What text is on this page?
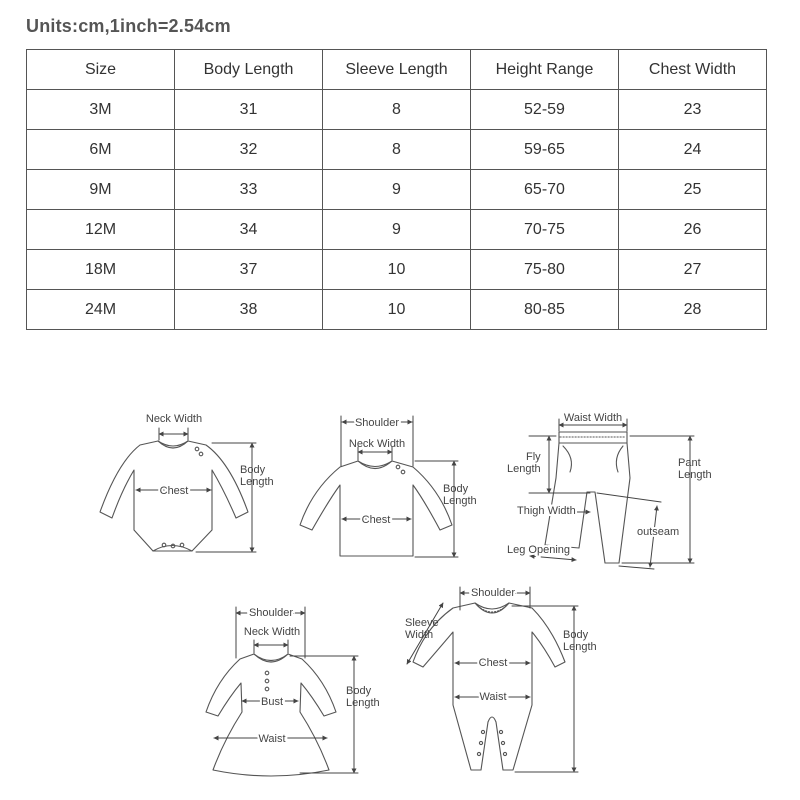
Units:cm,1inch=2.54cm
Size	Body Length	Sleeve Length	Height Range	Chest Width
3M	31	8	52-59	23
6M	32	8	59-65	24
9M	33	9	65-70	25
12M	34	9	70-75	26
18M	37	10	75-80	27
24M	38	10	80-85	28
Neck Width
Chest
Body
Length
Shoulder
Neck Width
Chest
Body
Length
Waist Width
Fly
Length	Pant
Length
Thigh Width
outseam
Leg Opening
Shoulder
Neck Width
Bust
Waist
Body
Length
Shoulder
Sleeve
Width
Chest
Waist
Body
Length
